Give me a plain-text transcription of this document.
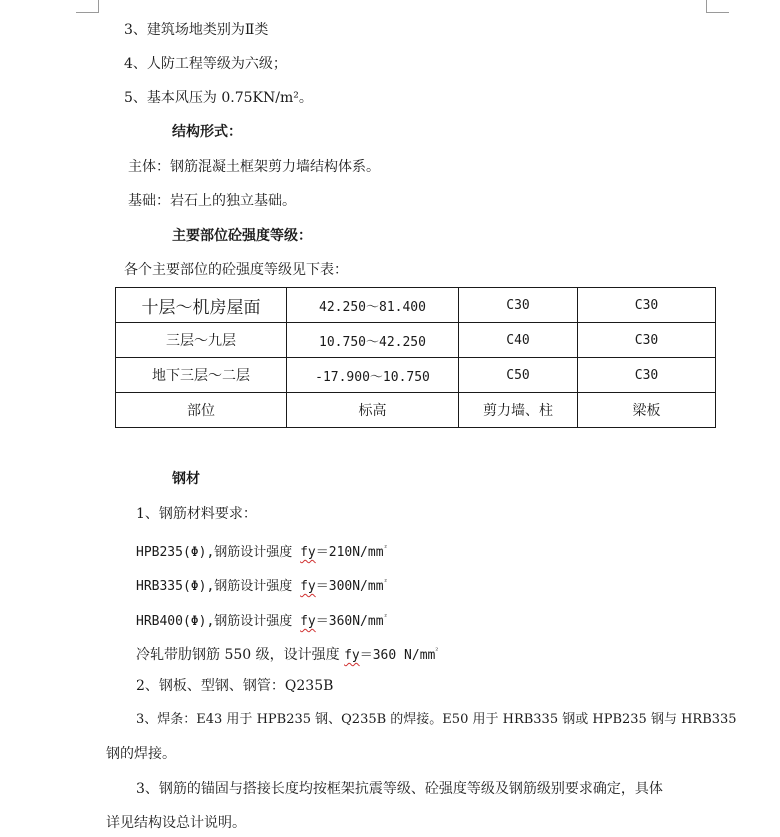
3、建筑场地类别为Ⅱ类
4、人防工程等级为六级；
5、基本风压为 0.75KN/m²。
结构形式：
主体：钢筋混凝土框架剪力墙结构体系。
基础：岩石上的独立基础。
主要部位砼强度等级：
各个主要部位的砼强度等级见下表：
十层～机房屋面	42.250～81.400	C30	C30
三层～九层	10.750～42.250	C40	C30
地下三层～二层	-17.900～10.750	C50	C30
部位	标高	剪力墙、柱	梁板
钢材
1、钢筋材料要求：
HPB235(Φ),钢筋设计强度 $fy=210N/mm^{^2}$
HRB335(Φ),钢筋设计强度 $fy=300N/mm^{^2}$
HRB400(Φ),钢筋设计强度 $fy=360N/mm^{^2}$
冷轧带肋钢筋 550 级，设计强度 fy＝360 $N/mm^{^2}$
2、钢板、型钢、钢管：Q235B
3、焊条：E43 用于 HPB235 钢、Q235B 的焊接。E50 用于 HRB335 钢或 HPB235 钢与 HRB335
钢的焊接。
3、钢筋的锚固与搭接长度均按框架抗震等级、砼强度等级及钢筋级别要求确定，具体
详见结构设总计说明。
